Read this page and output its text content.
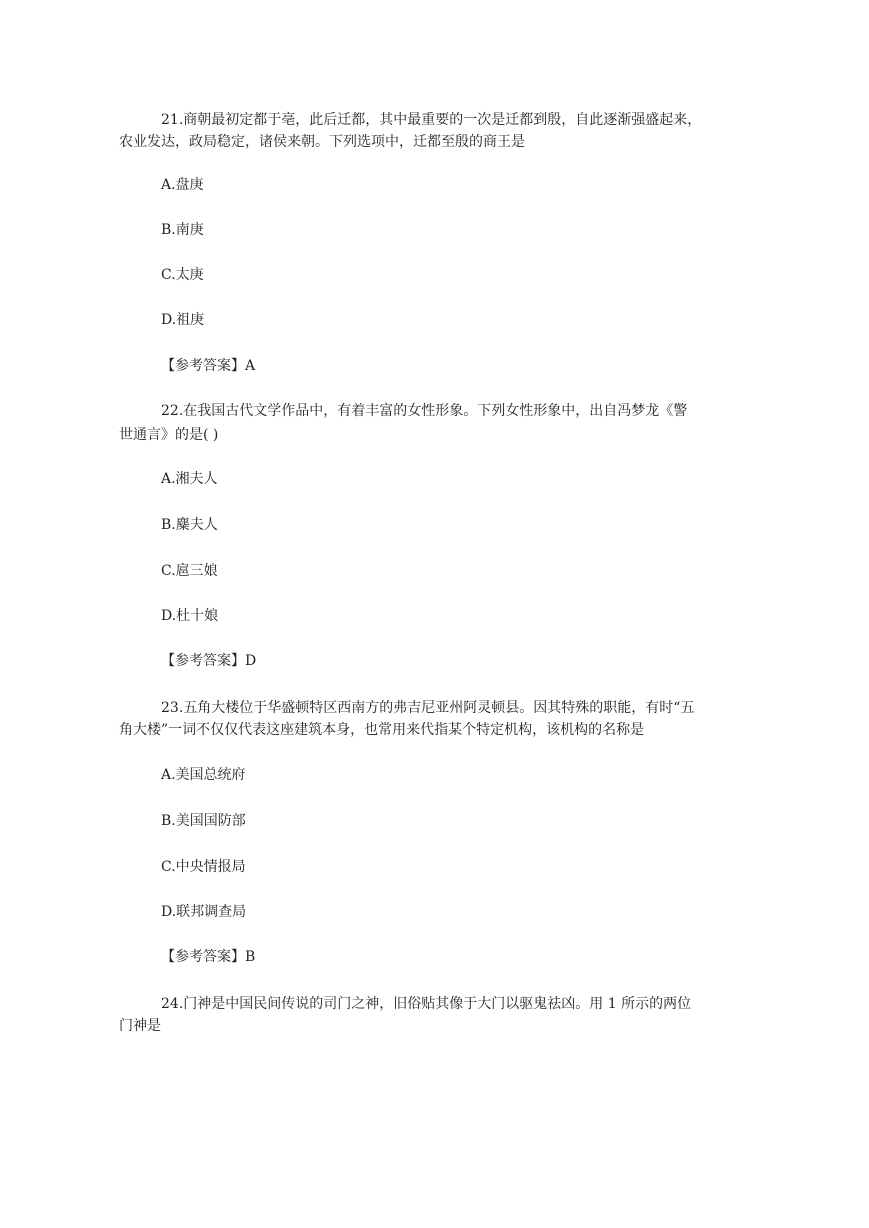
21.商朝最初定都于亳，此后迁都，其中最重要的一次是迁都到殷，自此逐渐强盛起来，
农业发达，政局稳定，诸侯来朝。下列选项中，迁都至殷的商王是
A.盘庚
B.南庚
C.太庚
D.祖庚
【参考答案】A
22.在我国古代文学作品中，有着丰富的女性形象。下列女性形象中，出自冯梦龙《警
世通言》的是( )
A.湘夫人
B.麋夫人
C.扈三娘
D.杜十娘
【参考答案】D
23.五角大楼位于华盛顿特区西南方的弗吉尼亚州阿灵顿县。因其特殊的职能，有时“五
角大楼”一词不仅仅代表这座建筑本身，也常用来代指某个特定机构，该机构的名称是
A.美国总统府
B.美国国防部
C.中央情报局
D.联邦调查局
【参考答案】B
24.门神是中国民间传说的司门之神，旧俗贴其像于大门以驱鬼祛凶。用 1 所示的两位
门神是
